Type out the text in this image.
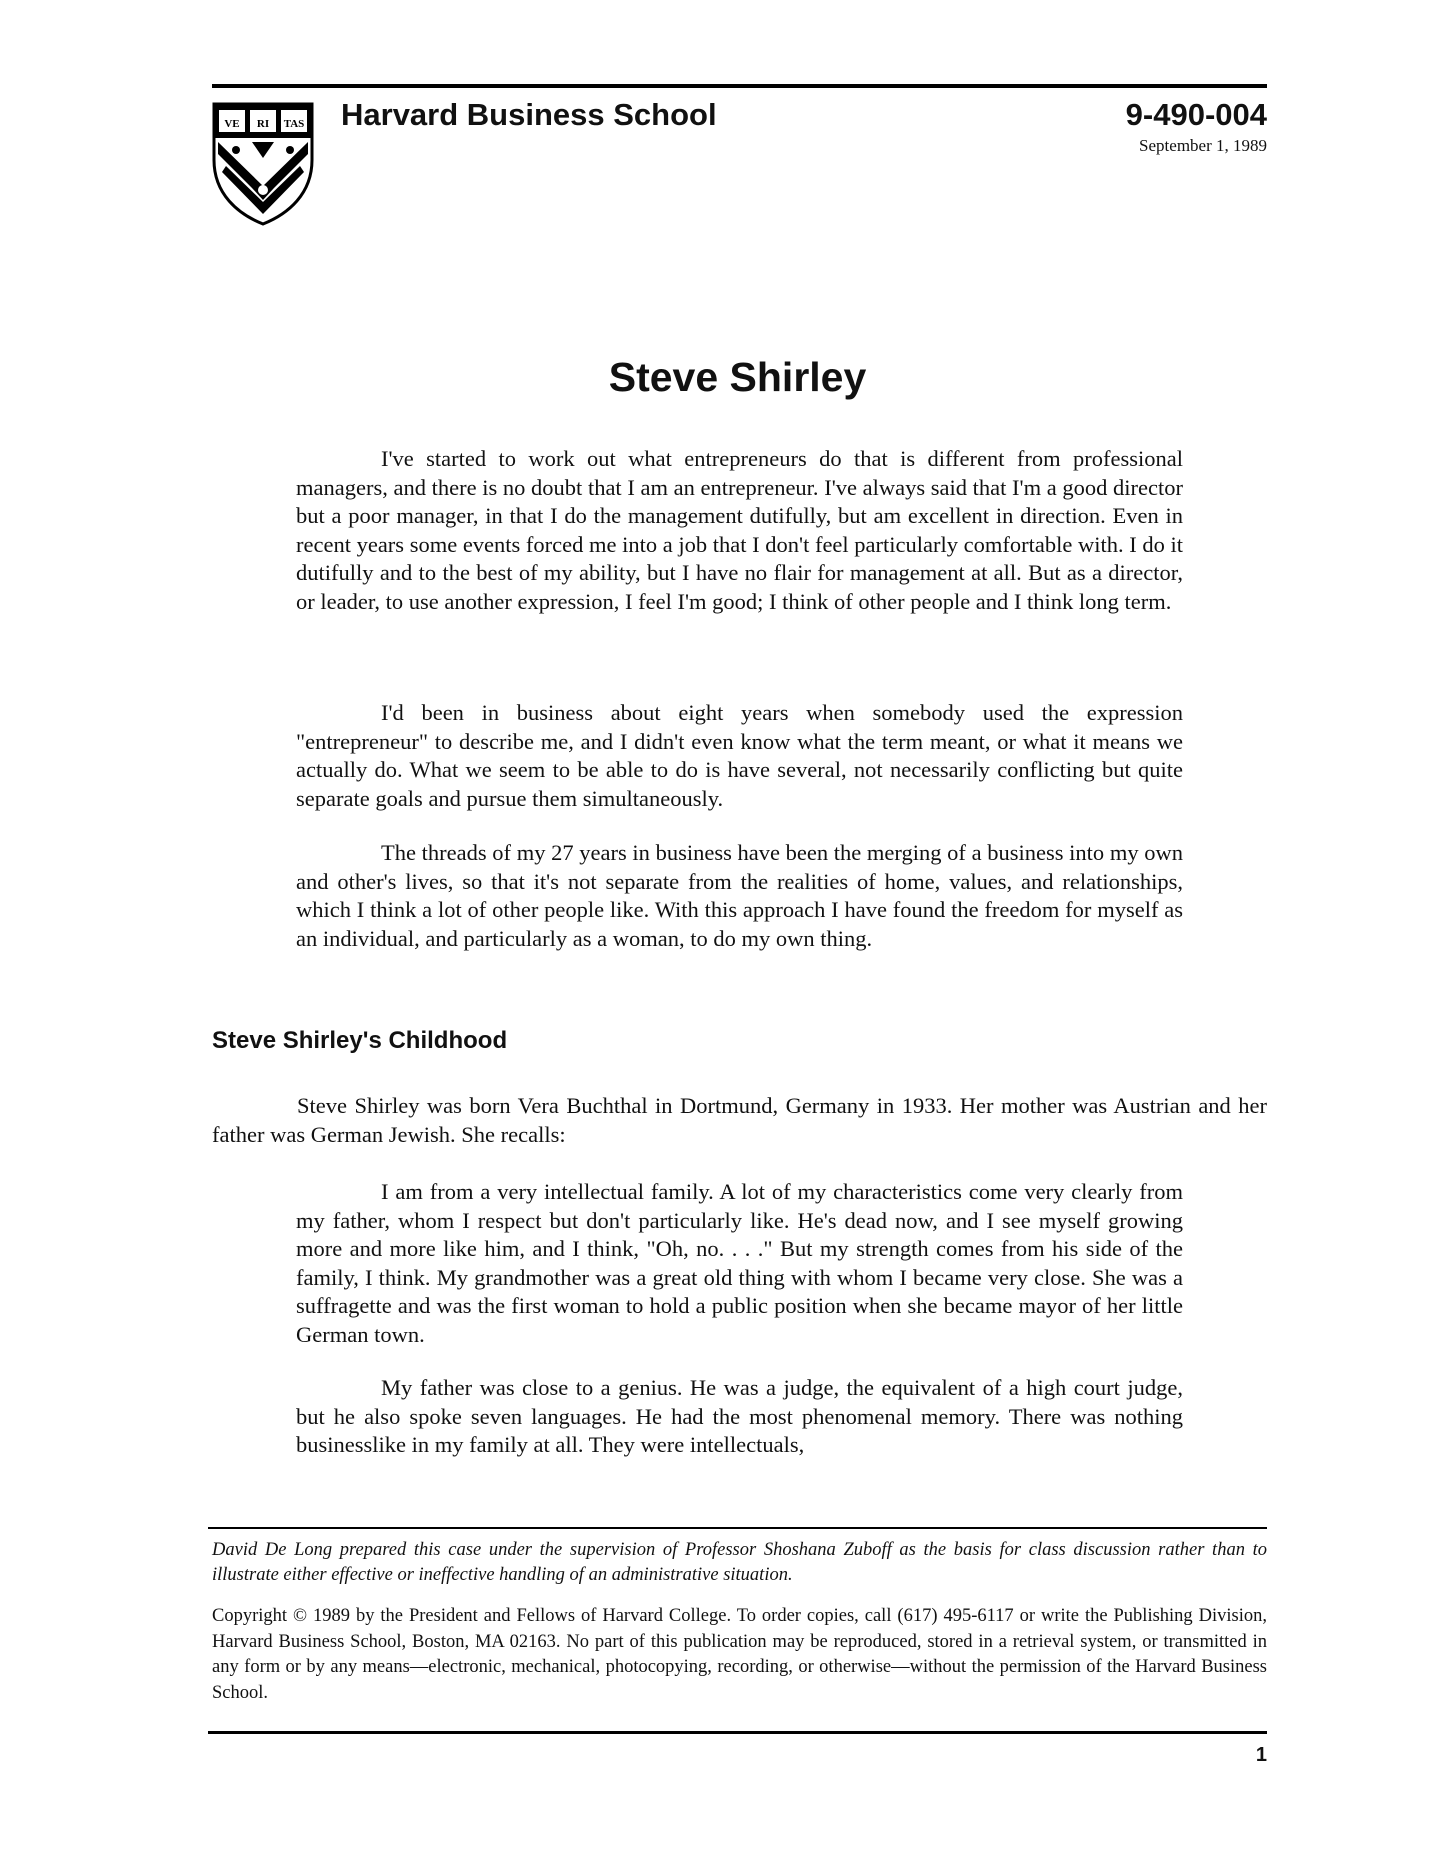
VE RI TAS Harvard Business School	9-490-004
September 1, 1989
Steve Shirley

I've started to work out what entrepreneurs do that is different from professional managers, and there is no doubt that I am an entrepreneur. I've always said that I'm a good director but a poor manager, in that I do the management dutifully, but am excellent in direction. Even in recent years some events forced me into a job that I don't feel particularly comfortable with. I do it dutifully and to the best of my ability, but I have no flair for management at all. But as a director, or leader, to use another expression, I feel I'm good; I think of other people and I think long term.

I'd been in business about eight years when somebody used the expression "entrepreneur" to describe me, and I didn't even know what the term meant, or what it means we actually do. What we seem to be able to do is have several, not necessarily conflicting but quite separate goals and pursue them simultaneously.

The threads of my 27 years in business have been the merging of a business into my own and other's lives, so that it's not separate from the realities of home, values, and relationships, which I think a lot of other people like. With this approach I have found the freedom for myself as an individual, and particularly as a woman, to do my own thing.

Steve Shirley's Childhood

Steve Shirley was born Vera Buchthal in Dortmund, Germany in 1933. Her mother was Austrian and her father was German Jewish. She recalls:

I am from a very intellectual family. A lot of my characteristics come very clearly from my father, whom I respect but don't particularly like. He's dead now, and I see myself growing more and more like him, and I think, "Oh, no. . . ." But my strength comes from his side of the family, I think. My grandmother was a great old thing with whom I became very close. She was a suffragette and was the first woman to hold a public position when she became mayor of her little German town.

My father was close to a genius. He was a judge, the equivalent of a high court judge, but he also spoke seven languages. He had the most phenomenal memory. There was nothing businesslike in my family at all. They were intellectuals,

David De Long prepared this case under the supervision of Professor Shoshana Zuboff as the basis for class discussion rather than to illustrate either effective or ineffective handling of an administrative situation.

Copyright © 1989 by the President and Fellows of Harvard College. To order copies, call (617) 495-6117 or write the Publishing Division, Harvard Business School, Boston, MA 02163. No part of this publication may be reproduced, stored in a retrieval system, or transmitted in any form or by any means—electronic, mechanical, photocopying, recording, or otherwise—without the permission of the Harvard Business School.

1
